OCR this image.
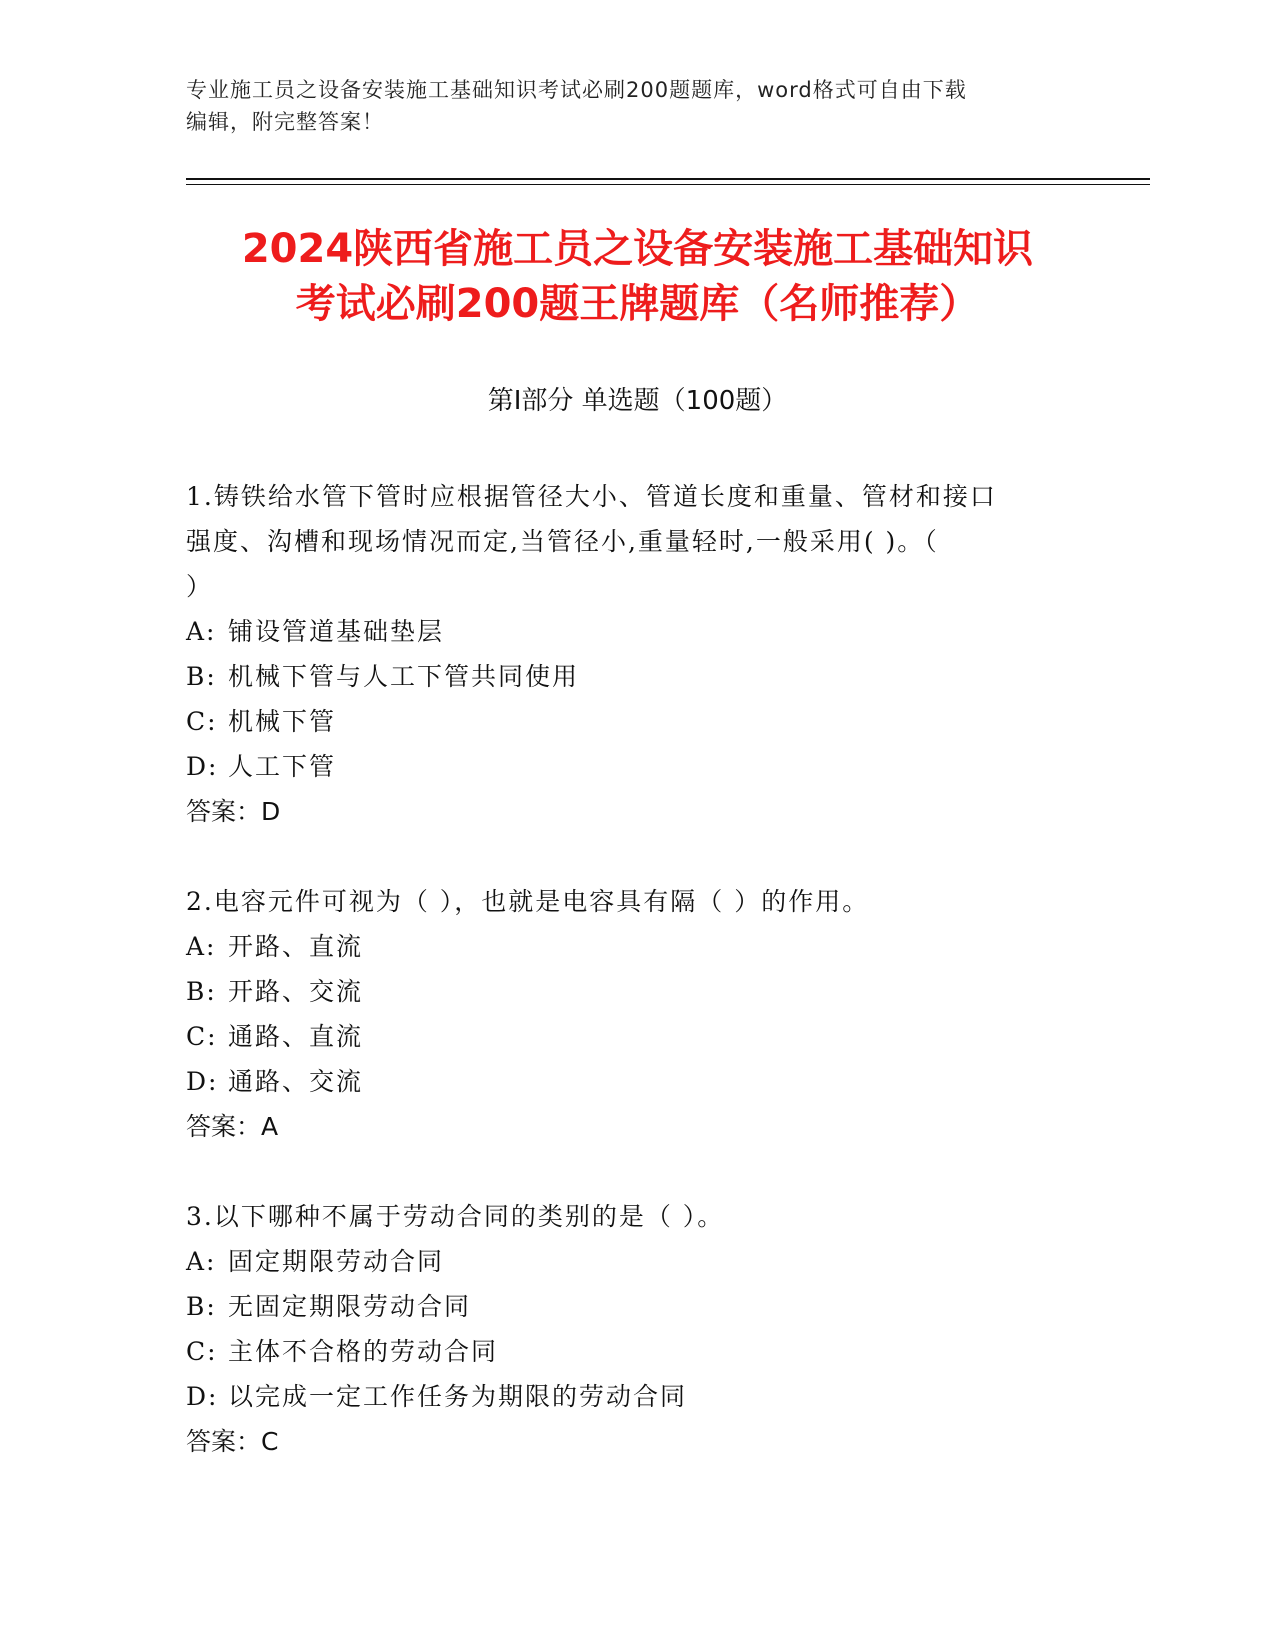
专业施工员之设备安装施工基础知识考试必刷200题题库，word格式可自由下载
编辑，附完整答案！
2024陕西省施工员之设备安装施工基础知识
考试必刷200题王牌题库（名师推荐）
第Ⅰ部分 单选题（100题）

1.铸铁给水管下管时应根据管径大小、管道长度和重量、管材和接口

强度、沟槽和现场情况而定,当管径小,重量轻时,一般采用( )。（

）

A: 铺设管道基础垫层

B: 机械下管与人工下管共同使用

C: 机械下管

D: 人工下管

答案：D

2.电容元件可视为（ ），也就是电容具有隔（ ）的作用。

A: 开路、直流

B: 开路、交流

C: 通路、直流

D: 通路、交流

答案：A

3.以下哪种不属于劳动合同的类别的是（ ）。

A: 固定期限劳动合同

B: 无固定期限劳动合同

C: 主体不合格的劳动合同

D: 以完成一定工作任务为期限的劳动合同

答案：C
